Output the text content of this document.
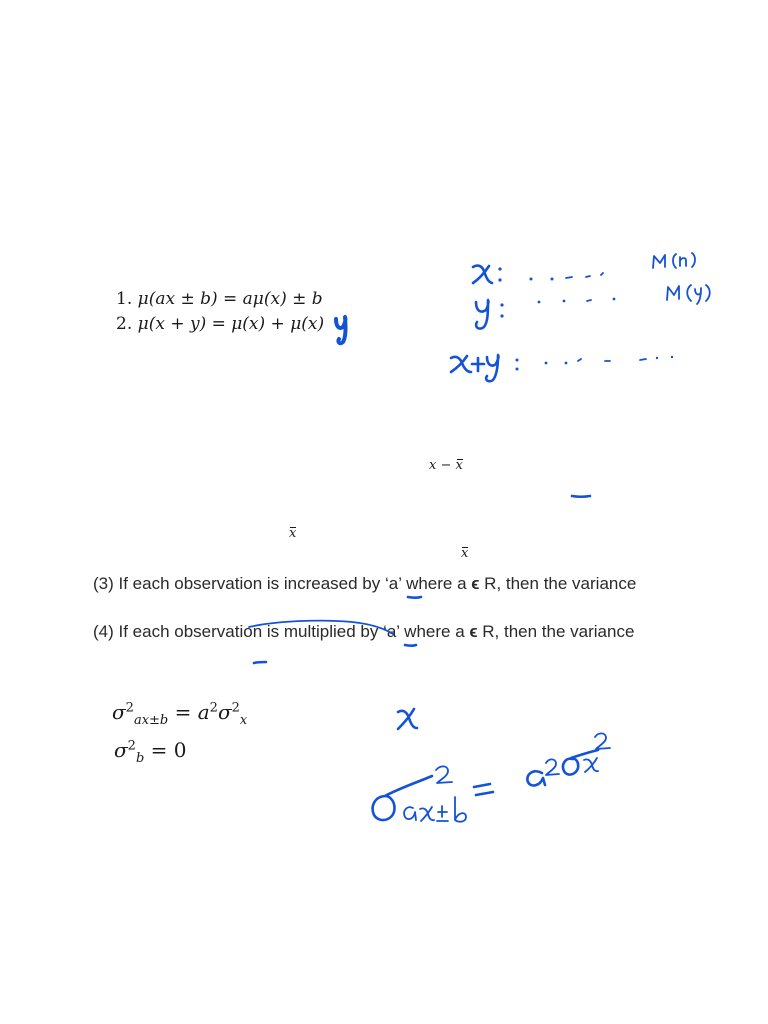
1. μ(ax ± b) = aμ(x) ± b
2. μ(x + y) = μ(x) + μ(x)
x − x
x
x
(3) If each observation is increased by ‘a’ where a ϵ R, then the variance
(4) If each observation is multiplied by ‘a’ where a ϵ R, then the variance
$\sigma^2_{ax\pm b} = a^2\sigma^2_x$
$\sigma^2_b = 0$
